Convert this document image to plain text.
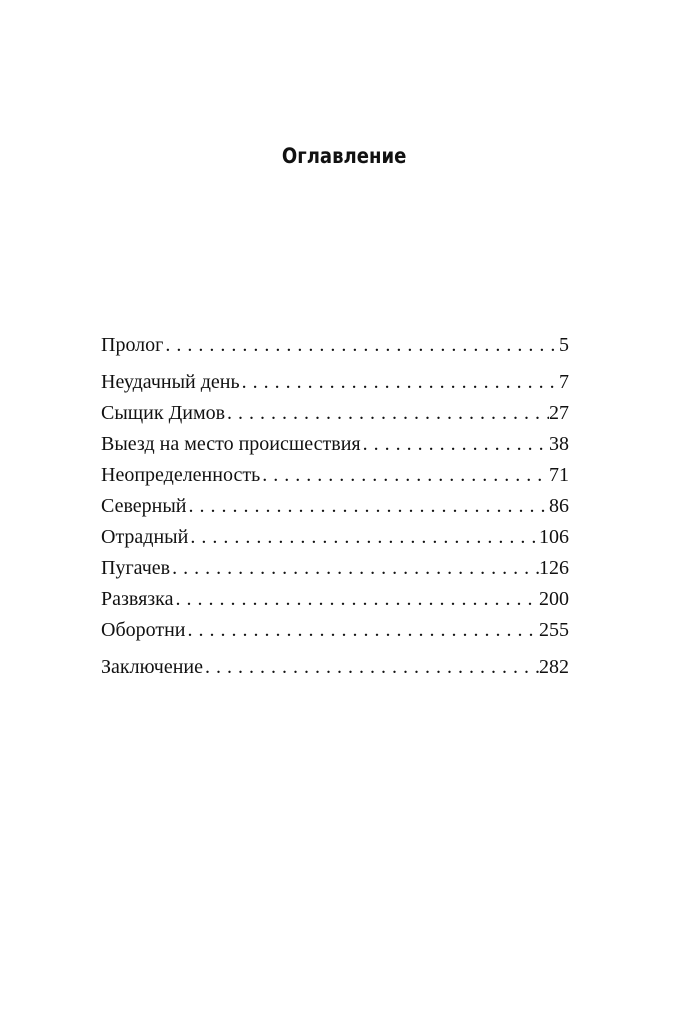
Оглавление
Пролог . . .	5
Неудачный день . . .	7
Сыщик Димов . . .	27
Выезд на место происшествия . . .	38
Неопределенность . . .	71
Северный . . .	86
Отрадный . . .	106
Пугачев . . .	126
Развязка . . .	200
Оборотни . . .	255
Заключение . . .	282
